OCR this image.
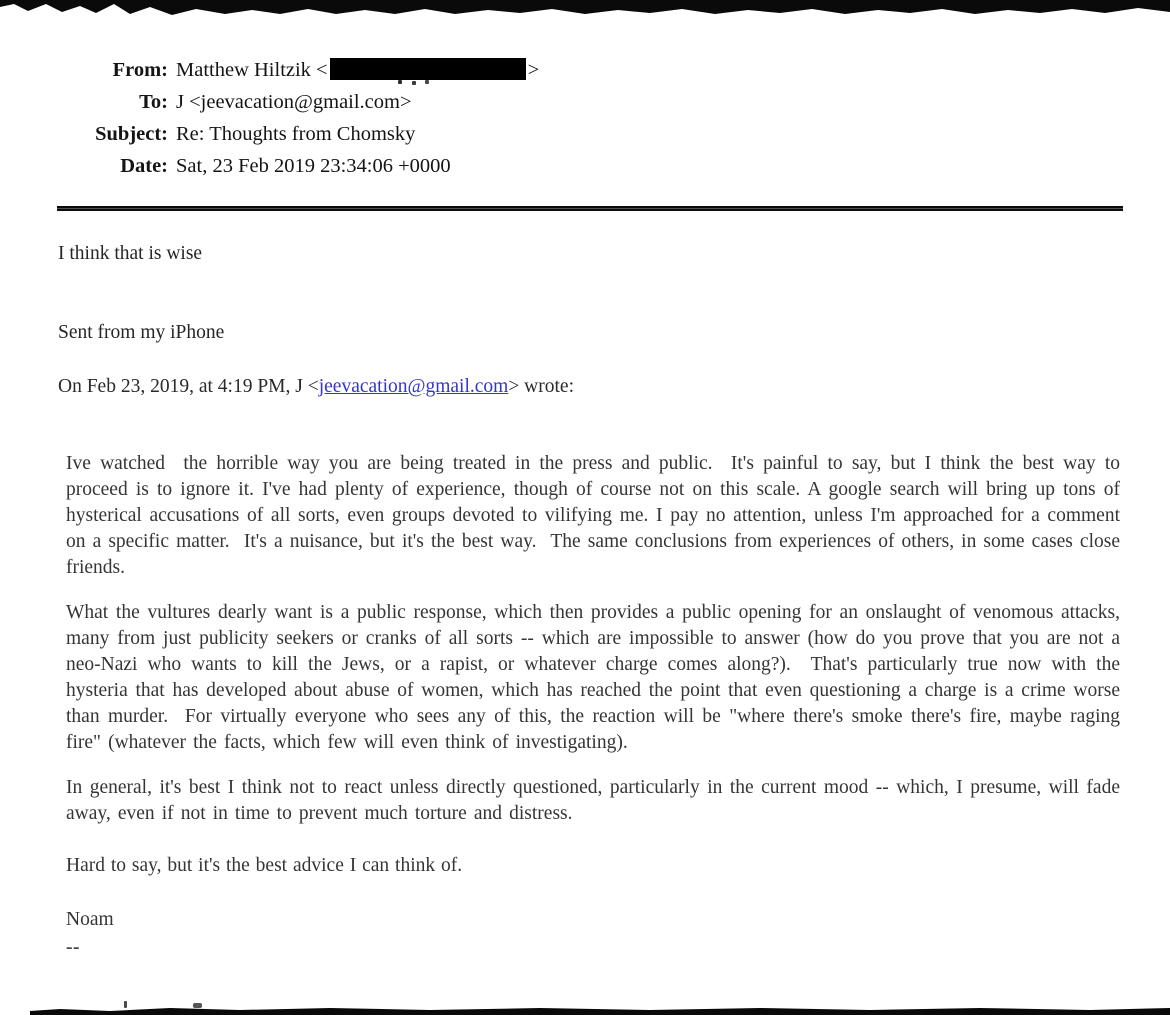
From: Matthew Hiltzik <	>
To: J <jeevacation@gmail.com>
Subject: Re: Thoughts from Chomsky
Date: Sat, 23 Feb 2019 23:34:06 +0000
I think that is wise
Sent from my iPhone
On Feb 23, 2019, at 4:19 PM, J <jeevacation@gmail.com> wrote:

Ive watched  the horrible way you are being treated in the press and public.  It's painful to say, but I think the best way to proceed is to ignore it. I've had plenty of experience, though of course not on this scale. A google search will bring up tons of hysterical accusations of all sorts, even groups devoted to vilifying me. I pay no attention, unless I'm approached for a comment on a specific matter.  It's a nuisance, but it's the best way.  The same conclusions from experiences of others, in some cases close friends.

What the vultures dearly want is a public response, which then provides a public opening for an onslaught of venomous attacks, many from just publicity seekers or cranks of all sorts -- which are impossible to answer (how do you prove that you are not a neo-Nazi who wants to kill the Jews, or a rapist, or whatever charge comes along?).  That's particularly true now with the hysteria that has developed about abuse of women, which has reached the point that even questioning a charge is a crime worse than murder.  For virtually everyone who sees any of this, the reaction will be "where there's smoke there's fire, maybe raging fire" (whatever the facts, which few will even think of investigating).

In general, it's best I think not to react unless directly questioned, particularly in the current mood -- which, I presume, will fade away, even if not in time to prevent much torture and distress.

Hard to say, but it's the best advice I can think of.

Noam

--
